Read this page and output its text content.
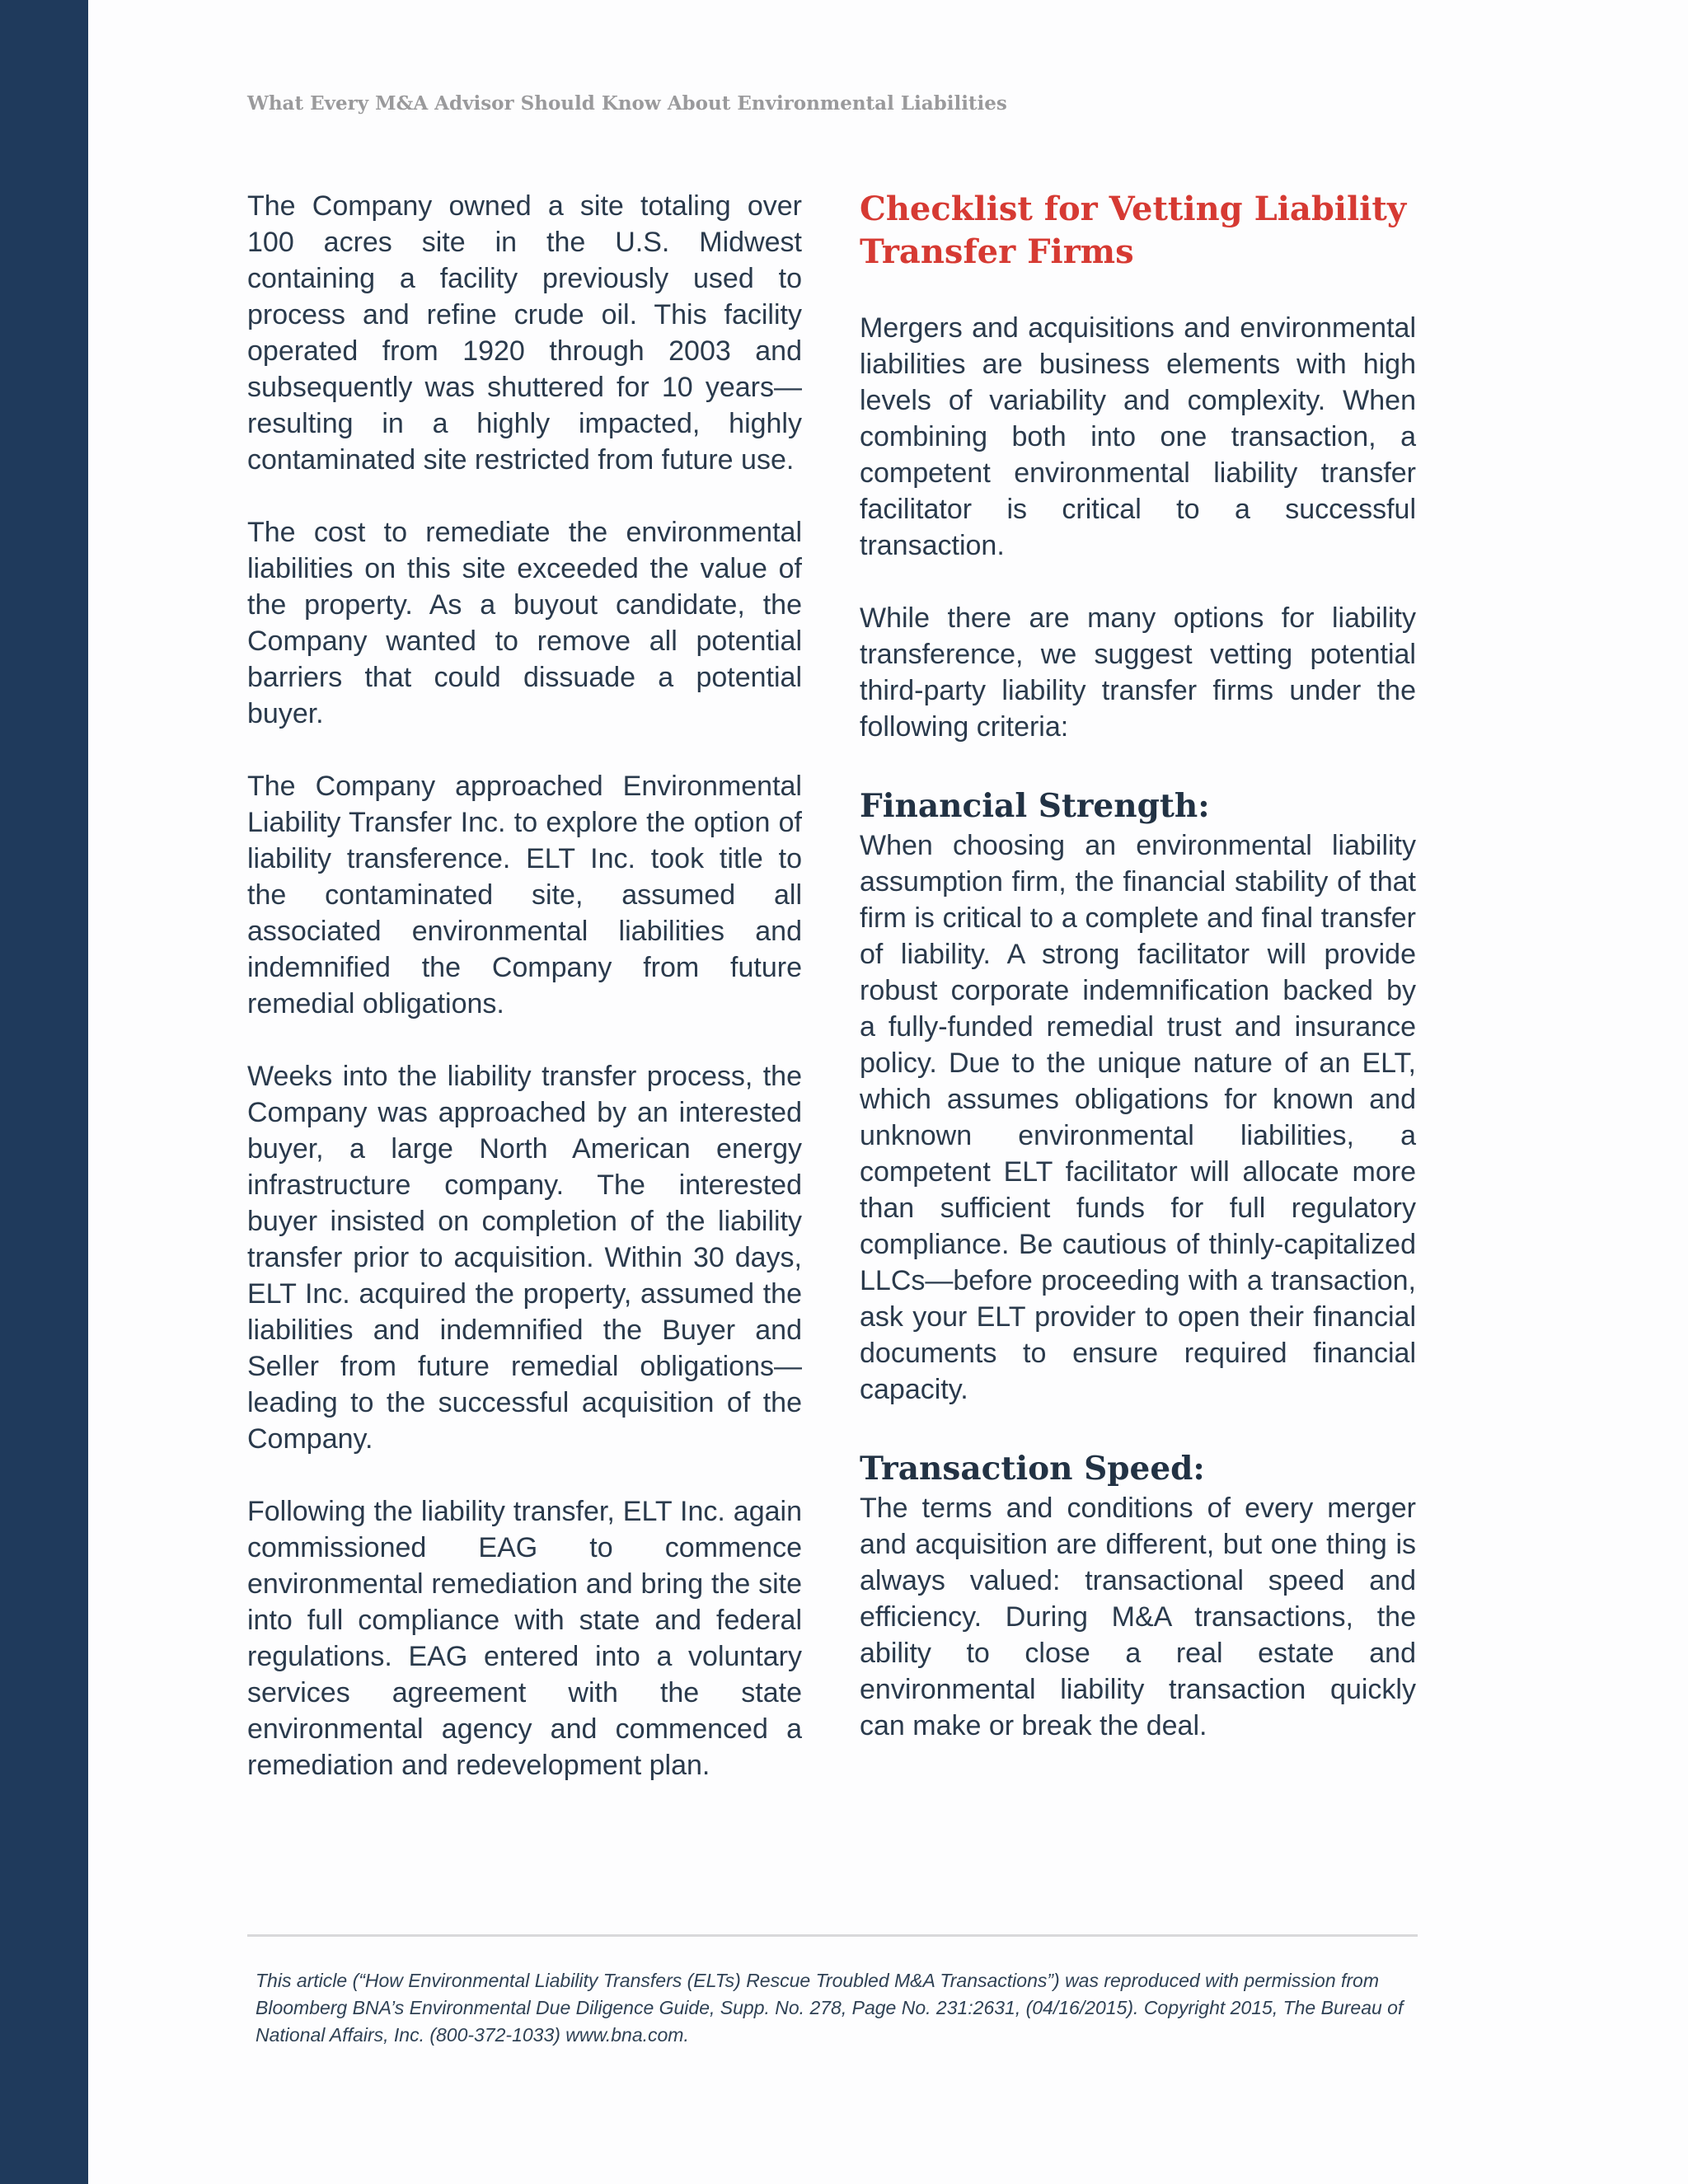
What Every M&A Advisor Should Know About Environmental Liabilities

The Company owned a site totaling over 100 acres site in the U.S. Midwest containing a facility previously used to process and refine crude oil. This facility operated from 1920 through 2003 and subsequently was shuttered for 10 years—resulting in a highly impacted, highly contaminated site restricted from future use.

The cost to remediate the environmental liabilities on this site exceeded the value of the property. As a buyout candidate, the Company wanted to remove all potential barriers that could dissuade a potential buyer.

The Company approached Environmental Liability Transfer Inc. to explore the option of liability transference. ELT Inc. took title to the contaminated site, assumed all associated environmental liabilities and indemnified the Company from future remedial obligations.

Weeks into the liability transfer process, the Company was approached by an interested buyer, a large North American energy infrastructure company. The interested buyer insisted on completion of the liability transfer prior to acquisition. Within 30 days, ELT Inc. acquired the property, assumed the liabilities and indemnified the Buyer and Seller from future remedial obligations—leading to the successful acquisition of the Company.

Following the liability transfer, ELT Inc. again commissioned EAG to commence environmental remediation and bring the site into full compliance with state and federal regulations. EAG entered into a voluntary services agreement with the state environmental agency and commenced a remediation and redevelopment plan.

Checklist for Vetting Liability Transfer Firms

Mergers and acquisitions and environmental liabilities are business elements with high levels of variability and complexity. When combining both into one transaction, a competent environmental liability transfer facilitator is critical to a successful transaction.

While there are many options for liability transference, we suggest vetting potential third-party liability transfer firms under the following criteria:

Financial Strength:

When choosing an environmental liability assumption firm, the financial stability of that firm is critical to a complete and final transfer of liability. A strong facilitator will provide robust corporate indemnification backed by a fully-funded remedial trust and insurance policy. Due to the unique nature of an ELT, which assumes obligations for known and unknown environmental liabilities, a competent ELT facilitator will allocate more than sufficient funds for full regulatory compliance. Be cautious of thinly-capitalized LLCs—before proceeding with a transaction, ask your ELT provider to open their financial documents to ensure required financial capacity.

Transaction Speed:

The terms and conditions of every merger and acquisition are different, but one thing is always valued: transactional speed and efficiency. During M&A transactions, the ability to close a real estate and environmental liability transaction quickly can make or break the deal.

This article (“How Environmental Liability Transfers (ELTs) Rescue Troubled M&A Transactions”) was reproduced with permission from Bloomberg BNA’s Environmental Due Diligence Guide, Supp. No. 278, Page No. 231:2631, (04/16/2015). Copyright 2015, The Bureau of National Affairs, Inc. (800-372-1033) www.bna.com.
